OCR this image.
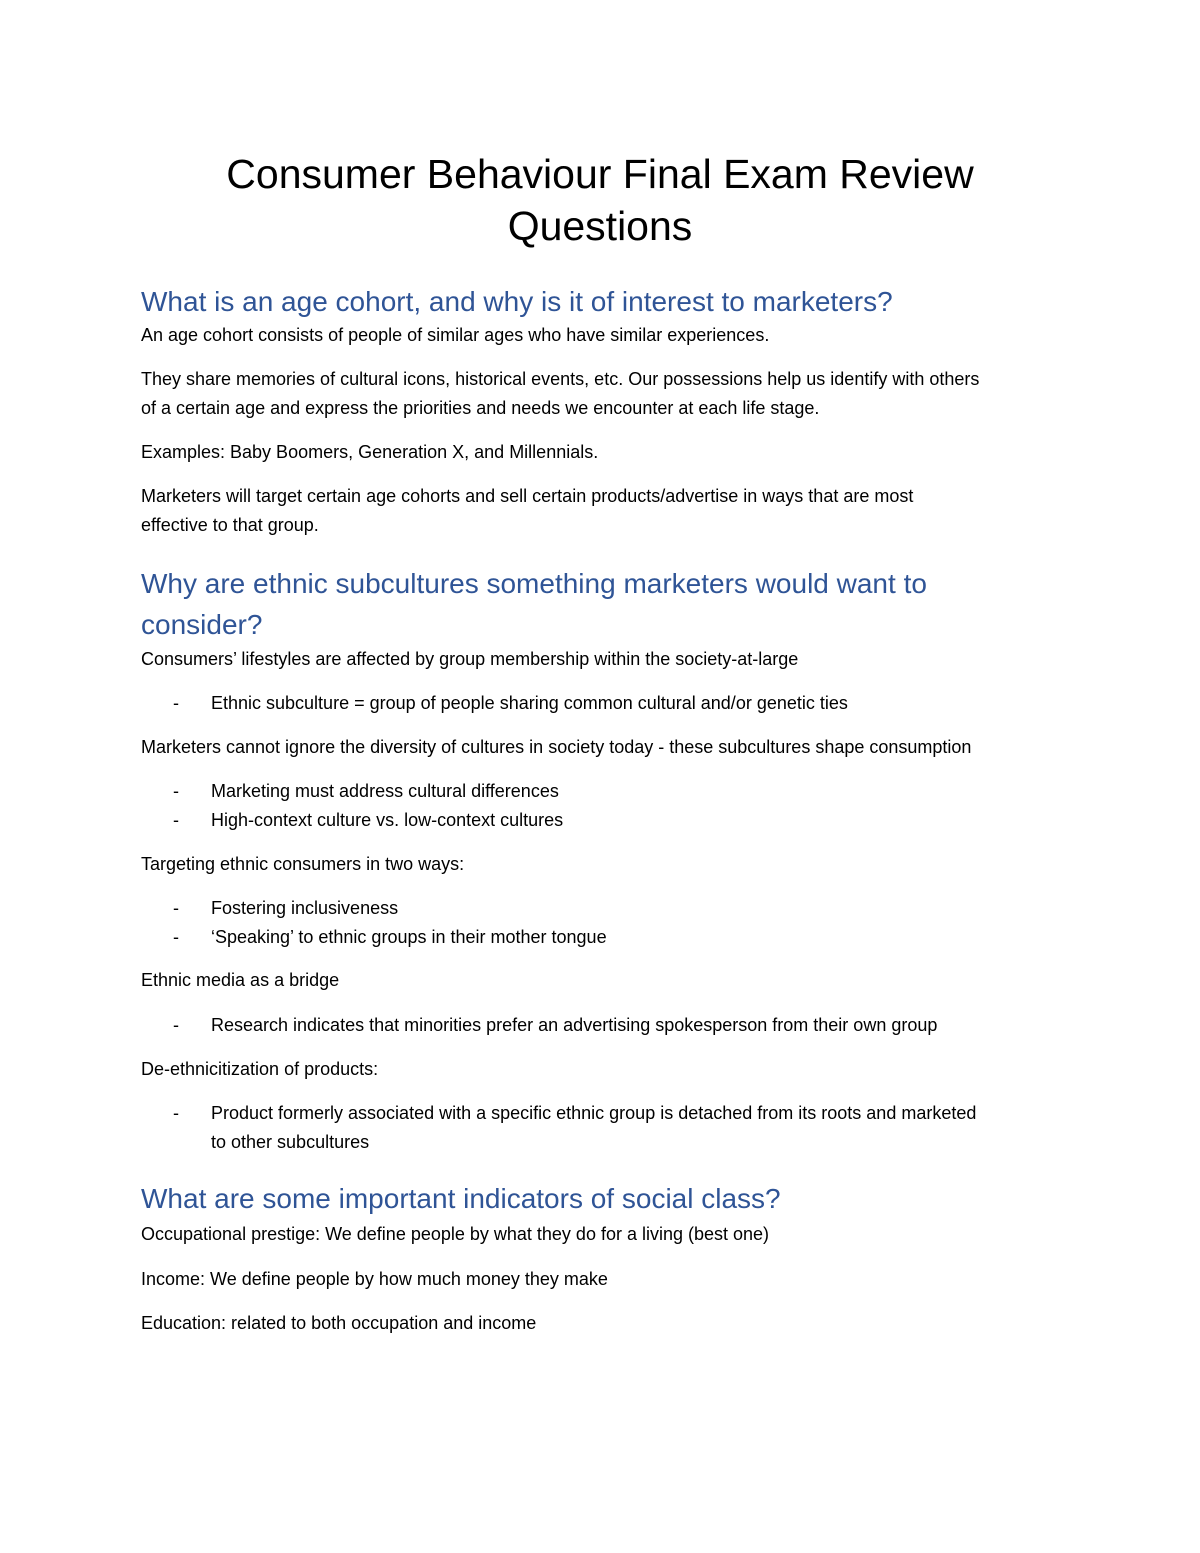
Consumer Behaviour Final Exam Review
Questions
What is an age cohort, and why is it of interest to marketers?
An age cohort consists of people of similar ages who have similar experiences.
They share memories of cultural icons, historical events, etc. Our possessions help us identify with others
of a certain age and express the priorities and needs we encounter at each life stage.
Examples: Baby Boomers, Generation X, and Millennials.
Marketers will target certain age cohorts and sell certain products/advertise in ways that are most
effective to that group.
Why are ethnic subcultures something marketers would want to
consider?
Consumers’ lifestyles are affected by group membership within the society-at-large
- Ethnic subculture = group of people sharing common cultural and/or genetic ties
Marketers cannot ignore the diversity of cultures in society today - these subcultures shape consumption
- Marketing must address cultural differences
- High-context culture vs. low-context cultures
Targeting ethnic consumers in two ways:
- Fostering inclusiveness
- ‘Speaking’ to ethnic groups in their mother tongue
Ethnic media as a bridge
- Research indicates that minorities prefer an advertising spokesperson from their own group
De-ethnicitization of products:
- Product formerly associated with a specific ethnic group is detached from its roots and marketed
to other subcultures
What are some important indicators of social class?
Occupational prestige: We define people by what they do for a living (best one)
Income: We define people by how much money they make
Education: related to both occupation and income
